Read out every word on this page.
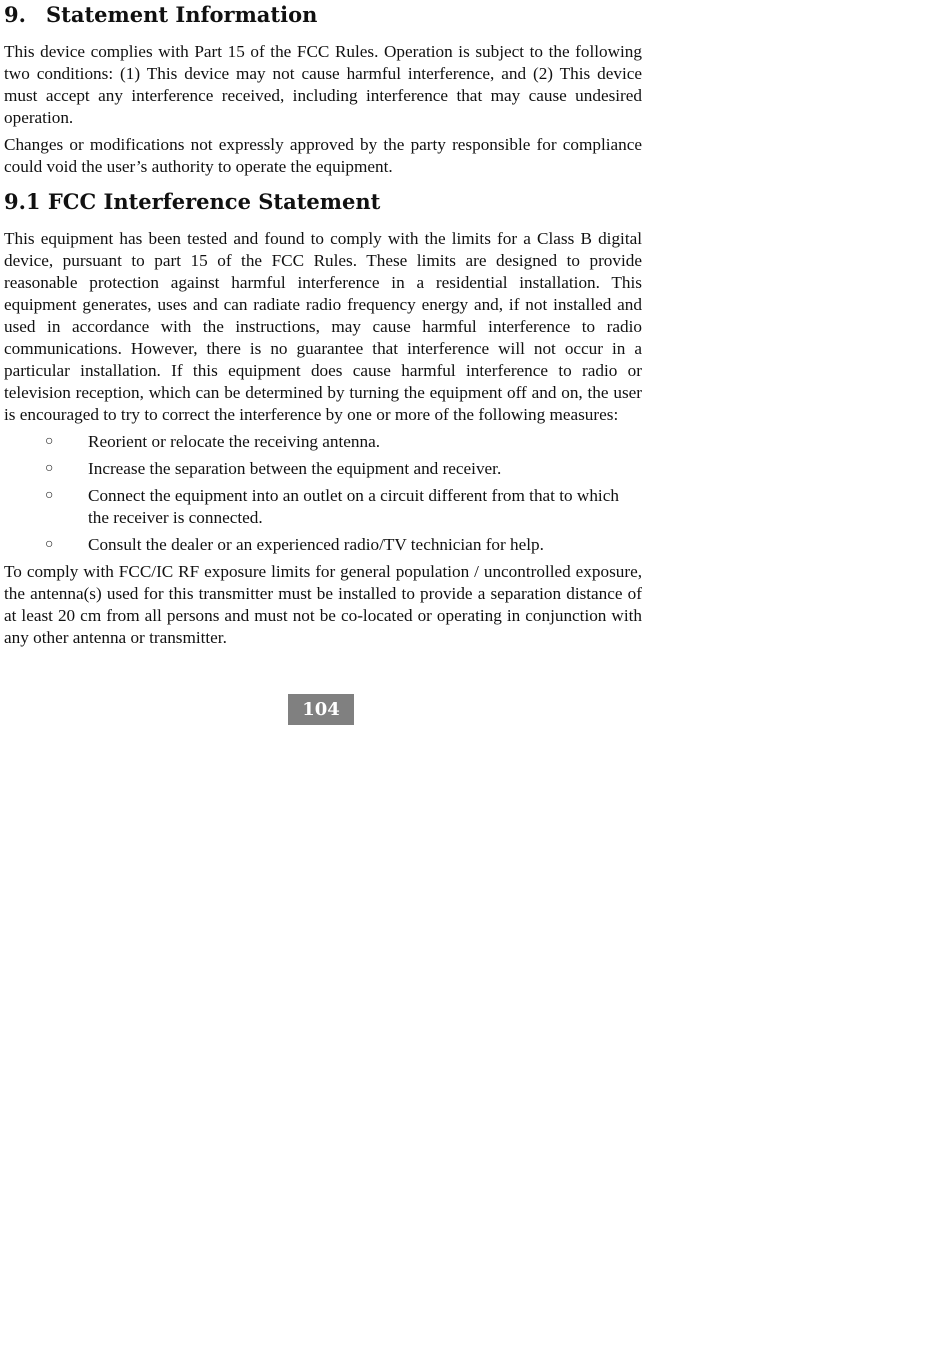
9. Statement Information

This device complies with Part 15 of the FCC Rules. Operation is subject to the following two conditions: (1) This device may not cause harmful interference, and (2) This device must accept any interference received, including interference that may cause undesired operation.

Changes or modifications not expressly approved by the party responsible for compliance could void the user’s authority to operate the equipment.

9.1 FCC Interference Statement

This equipment has been tested and found to comply with the limits for a Class B digital device, pursuant to part 15 of the FCC Rules. These limits are designed to provide reasonable protection against harmful interference in a residential installation. This equipment generates, uses and can radiate radio frequency energy and, if not installed and used in accordance with the instructions, may cause harmful interference to radio communications. However, there is no guarantee that interference will not occur in a particular installation. If this equipment does cause harmful interference to radio or television reception, which can be determined by turning the equipment off and on, the user is encouraged to try to correct the interference by one or more of the following measures:

○ Reorient or relocate the receiving antenna.
○ Increase the separation between the equipment and receiver.
○ Connect the equipment into an outlet on a circuit different from that to which the receiver is connected.
○ Consult the dealer or an experienced radio/TV technician for help.

To comply with FCC/IC RF exposure limits for general population / uncontrolled exposure, the antenna(s) used for this transmitter must be installed to provide a separation distance of at least 20 cm from all persons and must not be co-located or operating in conjunction with any other antenna or transmitter.

104
